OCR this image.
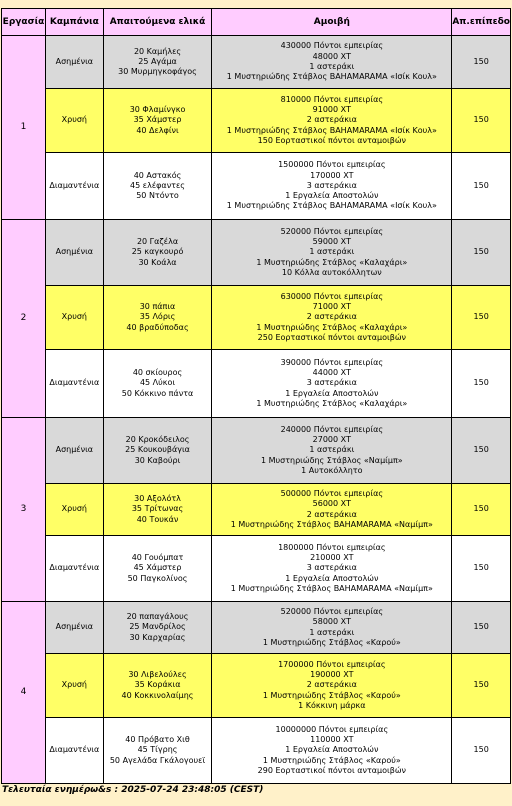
Εργασία	Καμπάνια	Απαιτούμενα ελικά	Αμοιβή	Απ.επίπεδο
1	Ασημένια	20 Καμήλες
25 Αγάμα
30 Μυρμηγκοφάγος	430000 Πόντοι εμπειρίας
48000 ΧΤ
1 αστεράκι
1 Μυστηριώδης Στάβλος BAHAMARAMA «Ισίκ Κουλ»	150
	Χρυσή	30 Φλαμίνγκο
35 Χάμστερ
40 Δελφίνι	810000 Πόντοι εμπειρίας
91000 ΧΤ
2 αστεράκια
1 Μυστηριώδης Στάβλος BAHAMARAMA «Ισίκ Κουλ»
150 Εορταστικοί πόντοι ανταμοιβών	150
	Διαμαντένια	40 Αστακός
45 ελέφαντες
50 Ντόντο	1500000 Πόντοι εμπειρίας
170000 ΧΤ
3 αστεράκια
1 Εργαλεία Αποστολών
1 Μυστηριώδης Στάβλος BAHAMARAMA «Ισίκ Κουλ»	150
2	Ασημένια	20 Γαζέλα
25 καγκουρό
30 Κοάλα	520000 Πόντοι εμπειρίας
59000 ΧΤ
1 αστεράκι
1 Μυστηριώδης Στάβλος «Καλαχάρι»
10 Κόλλα αυτοκόλλητων	150
	Χρυσή	30 πάπια
35 Λόρις
40 βραδύποδας	630000 Πόντοι εμπειρίας
71000 ΧΤ
2 αστεράκια
1 Μυστηριώδης Στάβλος «Καλαχάρι»
250 Εορταστικοί πόντοι ανταμοιβών	150
	Διαμαντένια	40 σκίουρος
45 Λύκοι
50 Κόκκινο πάντα	390000 Πόντοι εμπειρίας
44000 ΧΤ
3 αστεράκια
1 Εργαλεία Αποστολών
1 Μυστηριώδης Στάβλος «Καλαχάρι»	150
3	Ασημένια	20 Κροκόδειλος
25 Κουκουβάγια
30 Καβούρι	240000 Πόντοι εμπειρίας
27000 ΧΤ
1 αστεράκι
1 Μυστηριώδης Στάβλος «Ναμίμπ»
1 Αυτοκόλλητο	150
	Χρυσή	30 Αξολότλ
35 Τρίτωνας
40 Τουκάν	500000 Πόντοι εμπειρίας
56000 ΧΤ
2 αστεράκια
1 Μυστηριώδης Στάβλος BAHAMARAMA «Ναμίμπ»	150
	Διαμαντένια	40 Γουόμπατ
45 Χάμστερ
50 Παγκολίνος	1800000 Πόντοι εμπειρίας
210000 ΧΤ
3 αστεράκια
1 Εργαλεία Αποστολών
1 Μυστηριώδης Στάβλος BAHAMARAMA «Ναμίμπ»	150
4	Ασημένια	20 παπαγάλους
25 Μανδρίλος
30 Καρχαρίας	520000 Πόντοι εμπειρίας
58000 ΧΤ
1 αστεράκι
1 Μυστηριώδης Στάβλος «Καρού»	150
	Χρυσή	30 Λιβελούλες
35 Κοράκια
40 Κοκκινολαίμης	1700000 Πόντοι εμπειρίας
190000 ΧΤ
2 αστεράκια
1 Μυστηριώδης Στάβλος «Καρού»
1 Κόκκινη μάρκα	150
	Διαμαντένια	40 Πρόβατο Χιθ
45 Τίγρης
50 Αγελάδα Γκάλογουεϊ	10000000 Πόντοι εμπειρίας
110000 ΧΤ
1 Εργαλεία Αποστολών
1 Μυστηριώδης Στάβλος «Καρού»
290 Εορταστικοί πόντοι ανταμοιβών	150
Τελευταία ενημέρω&s : 2025-07-24 23:48:05 (CEST)
